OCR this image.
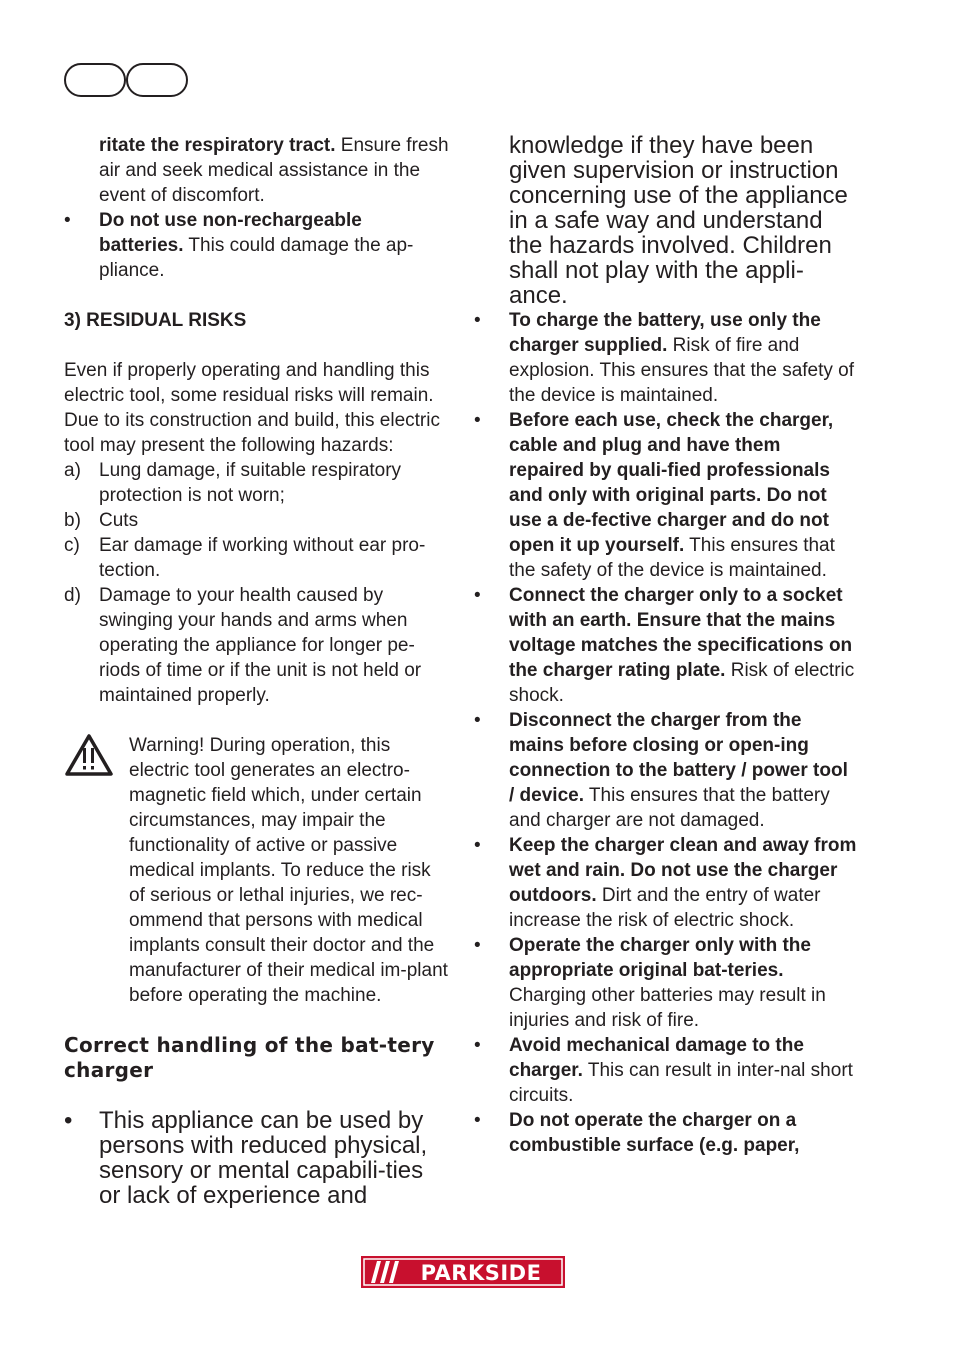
ritate the respiratory tract. Ensure fresh air and seek medical assistance in the event of discomfort.
• Do not use non-rechargeable batteries. This could damage the ap-pliance.
3) RESIDUAL RISKS
Even if properly operating and handling this electric tool, some residual risks will remain. Due to its construction and build, this electric tool may present the following hazards:
a) Lung damage, if suitable respiratory protection is not worn;
b) Cuts
c) Ear damage if working without ear pro-tection.
d) Damage to your health caused by swinging your hands and arms when operating the appliance for longer pe-riods of time or if the unit is not held or maintained properly.
Warning! During operation, this electric tool generates an electro-magnetic field which, under certain circumstances, may impair the functionality of active or passive medical implants. To reduce the risk of serious or lethal injuries, we rec-ommend that persons with medical implants consult their doctor and the manufacturer of their medical im-plant before operating the machine.
Correct handling of the bat-tery charger
• This appliance can be used by persons with reduced physical, sensory or mental capabili-ties or lack of experience and
knowledge if they have been given supervision or instruction concerning use of the appliance in a safe way and understand the hazards involved. Children shall not play with the appli-ance.
• To charge the battery, use only the charger supplied. Risk of fire and explosion. This ensures that the safety of the device is maintained.
• Before each use, check the charger, cable and plug and have them repaired by quali-fied professionals and only with original parts. Do not use a de-fective charger and do not open it up yourself. This ensures that the safety of the device is maintained.
• Connect the charger only to a socket with an earth. Ensure that the mains voltage matches the specifications on the charger rating plate. Risk of electric shock.
• Disconnect the charger from the mains before closing or open-ing connection to the battery / power tool / device. This ensures that the battery and charger are not damaged.
• Keep the charger clean and away from wet and rain. Do not use the charger outdoors. Dirt and the entry of water increase the risk of electric shock.
• Operate the charger only with the appropriate original bat-teries. Charging other batteries may result in injuries and risk of fire.
• Avoid mechanical damage to the charger. This can result in inter-nal short circuits.
• Do not operate the charger on a combustible surface (e.g. paper,
PARKSIDE
